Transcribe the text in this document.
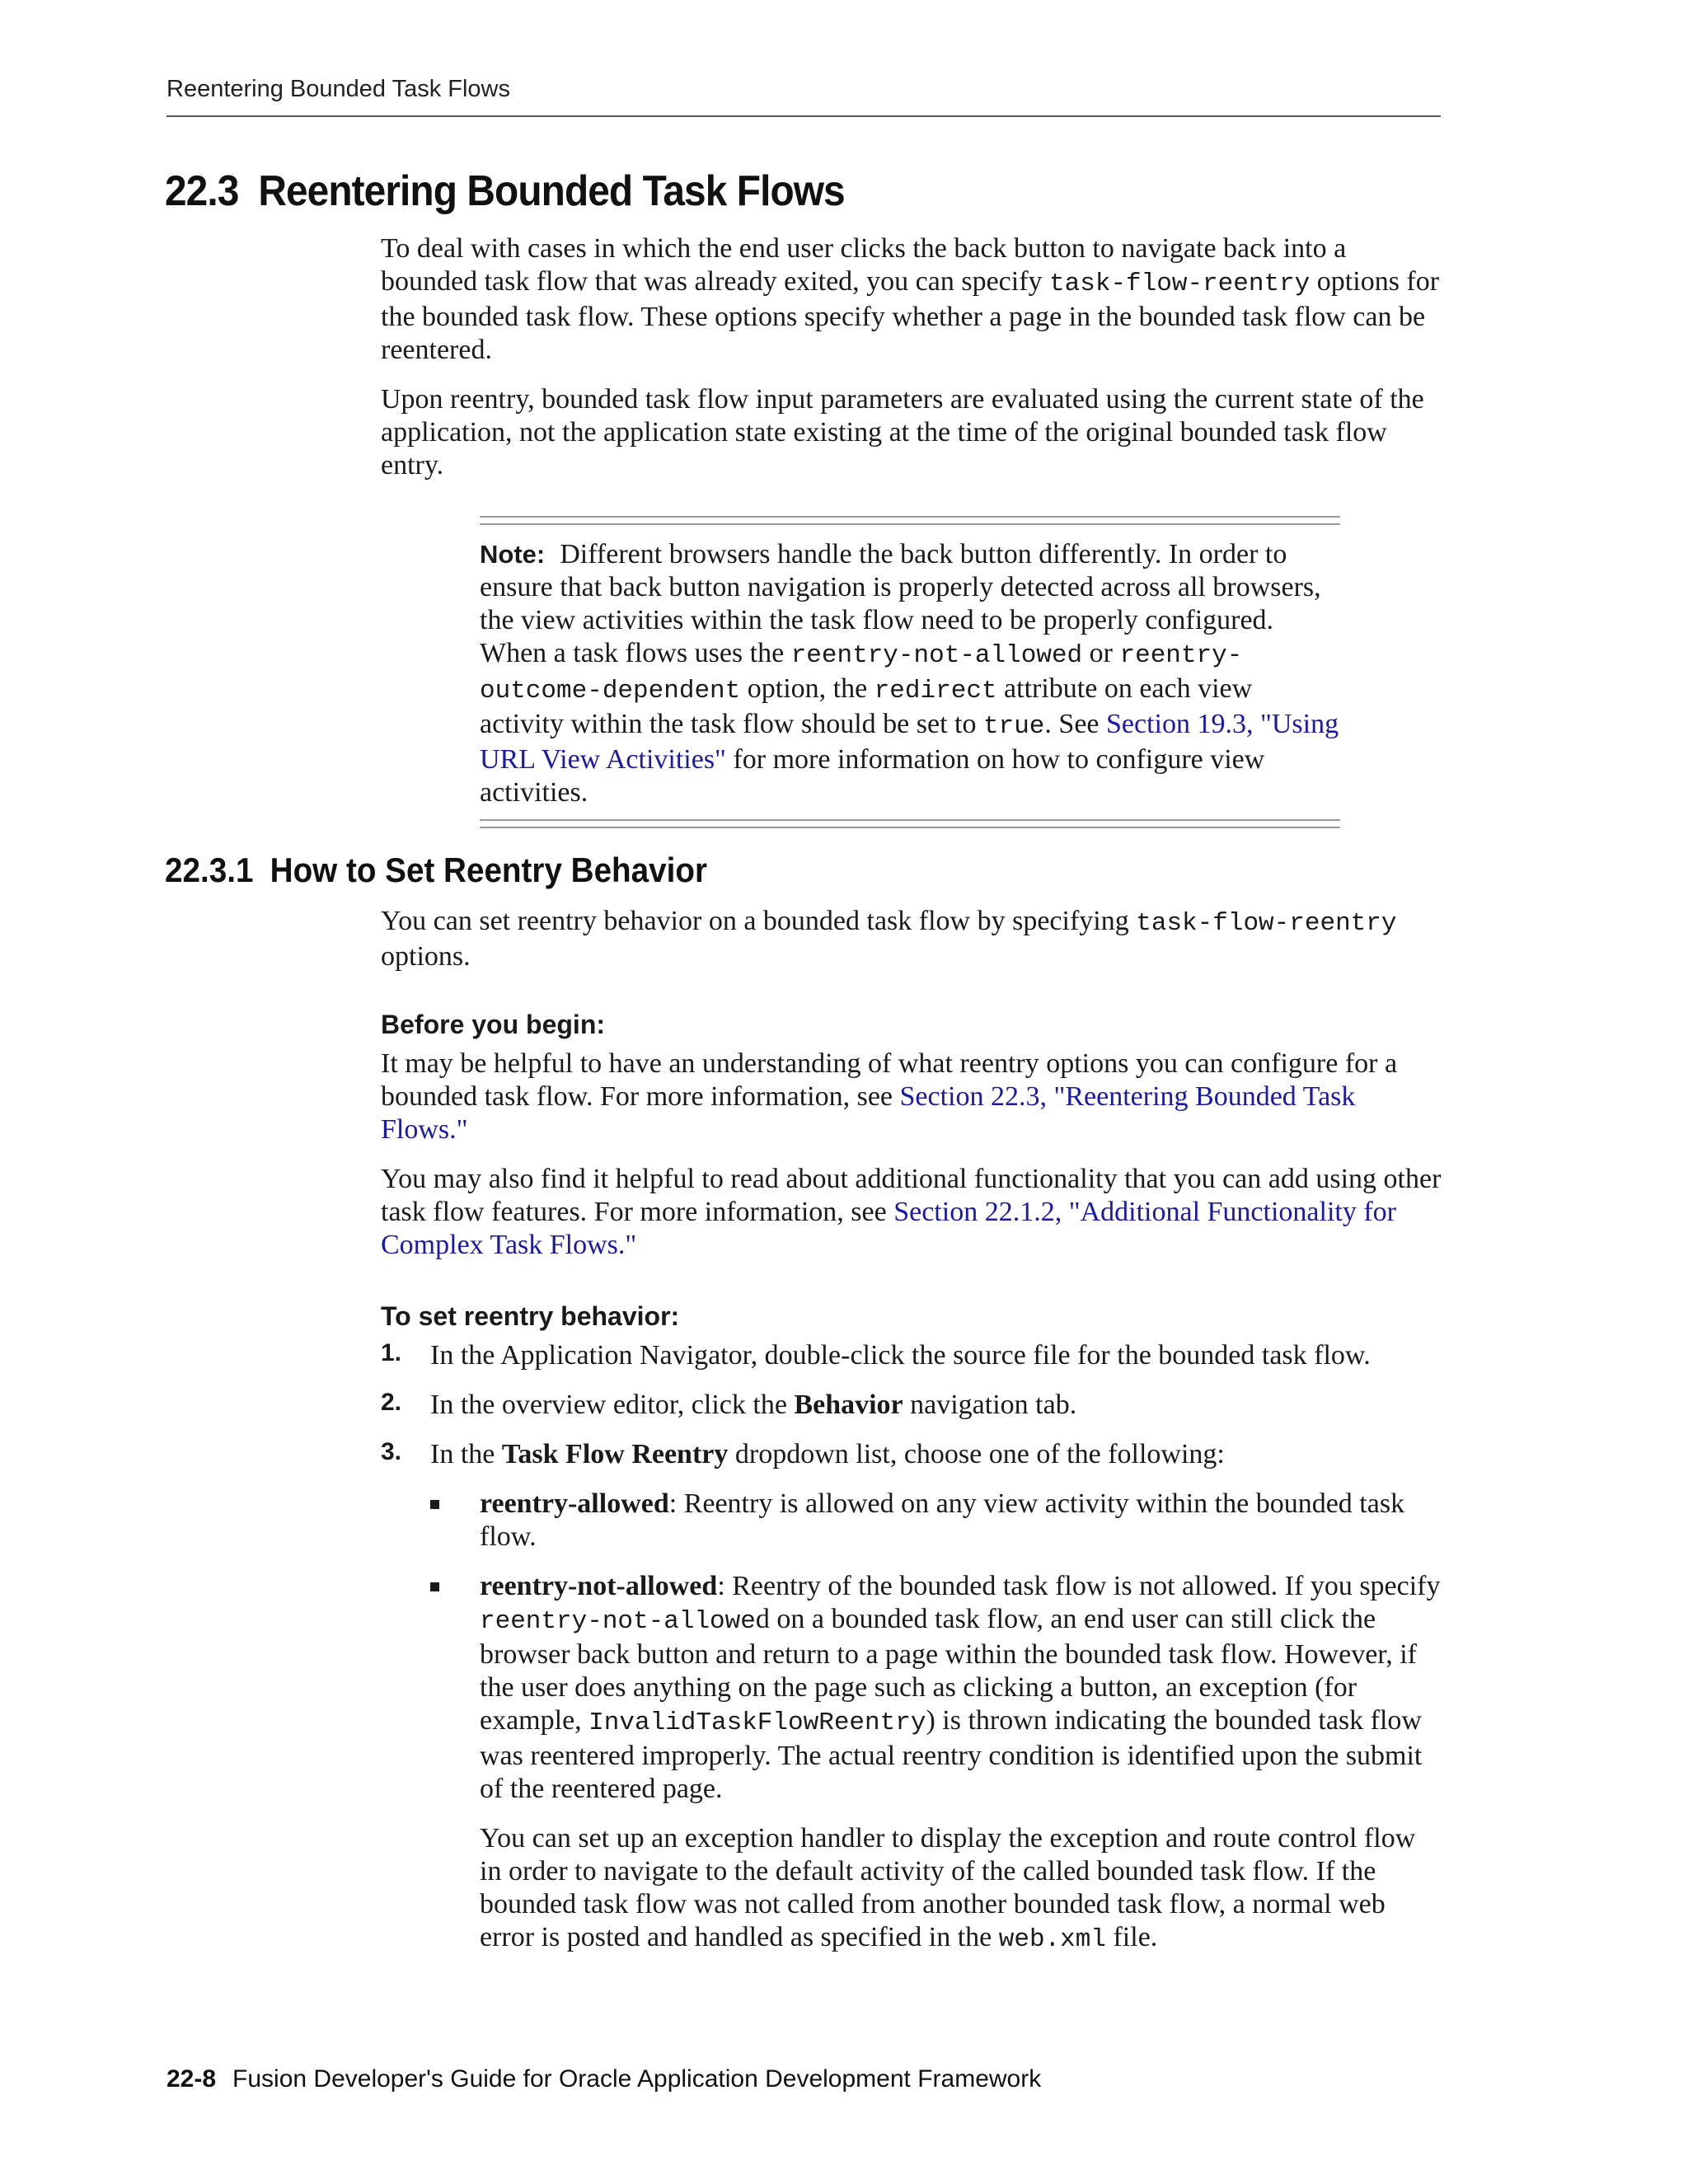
Reentering Bounded Task Flows
22.3 Reentering Bounded Task Flows

To deal with cases in which the end user clicks the back button to navigate back into a bounded task flow that was already exited, you can specify task-flow-reentry options for the bounded task flow. These options specify whether a page in the bounded task flow can be reentered.

Upon reentry, bounded task flow input parameters are evaluated using the current state of the application, not the application state existing at the time of the original bounded task flow entry.

Note: Different browsers handle the back button differently. In order to ensure that back button navigation is properly detected across all browsers, the view activities within the task flow need to be properly configured. When a task flows uses the reentry-not-allowed or reentry-outcome-dependent option, the redirect attribute on each view activity within the task flow should be set to true. See Section 19.3, "Using URL View Activities" for more information on how to configure view activities.

22.3.1 How to Set Reentry Behavior

You can set reentry behavior on a bounded task flow by specifying task-flow-reentry options.

Before you begin:

It may be helpful to have an understanding of what reentry options you can configure for a bounded task flow. For more information, see Section 22.3, "Reentering Bounded Task Flows."

You may also find it helpful to read about additional functionality that you can add using other task flow features. For more information, see Section 22.1.2, "Additional Functionality for Complex Task Flows."

To set reentry behavior:

1. In the Application Navigator, double-click the source file for the bounded task flow.

2. In the overview editor, click the Behavior navigation tab.

3. In the Task Flow Reentry dropdown list, choose one of the following:

reentry-allowed: Reentry is allowed on any view activity within the bounded task flow.

reentry-not-allowed: Reentry of the bounded task flow is not allowed. If you specify reentry-not-allowed on a bounded task flow, an end user can still click the browser back button and return to a page within the bounded task flow. However, if the user does anything on the page such as clicking a button, an exception (for example, InvalidTaskFlowReentry) is thrown indicating the bounded task flow was reentered improperly. The actual reentry condition is identified upon the submit of the reentered page.

You can set up an exception handler to display the exception and route control flow in order to navigate to the default activity of the called bounded task flow. If the bounded task flow was not called from another bounded task flow, a normal web error is posted and handled as specified in the web.xml file.

22-8 Fusion Developer's Guide for Oracle Application Development Framework
